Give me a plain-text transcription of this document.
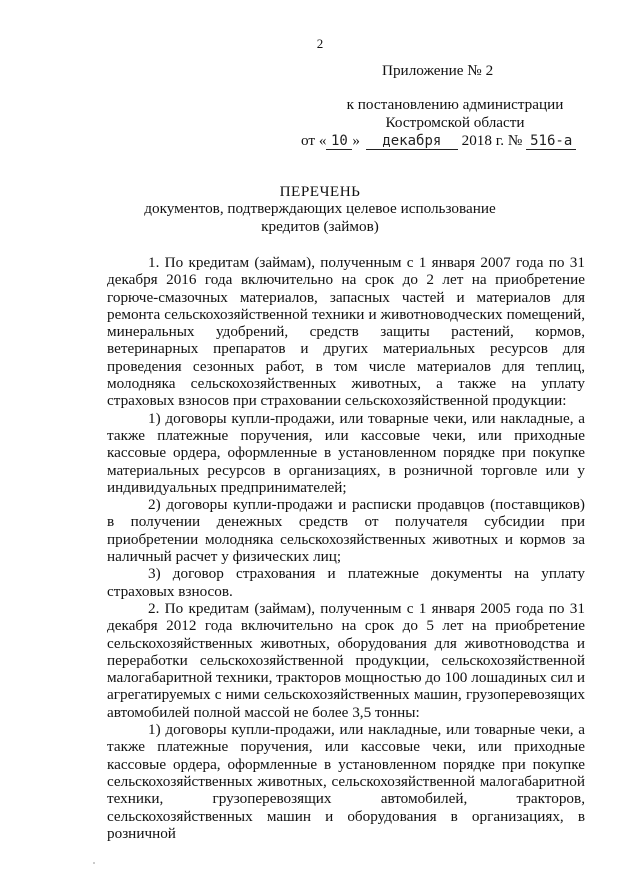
2
Приложение № 2
к постановлению администрации
Костромской области
от « 10 » декабря 2018 г. № 516-а
ПЕРЕЧЕНЬ
документов, подтверждающих целевое использование
кредитов (займов)

1. По кредитам (займам), полученным с 1 января 2007 года по 31 декабря 2016 года включительно на срок до 2 лет на приобретение горюче-смазочных материалов, запасных частей и материалов для ремонта сельскохозяйственной техники и животноводческих помещений, минеральных удобрений, средств защиты растений, кормов, ветеринарных препаратов и других материальных ресурсов для проведения сезонных работ, в том числе материалов для теплиц, молодняка сельскохозяйственных животных, а также на уплату страховых взносов при страховании сельскохозяйственной продукции:

1) договоры купли-продажи, или товарные чеки, или накладные, а также платежные поручения, или кассовые чеки, или приходные кассовые ордера, оформленные в установленном порядке при покупке материальных ресурсов в организациях, в розничной торговле или у индивидуальных предпринимателей;

2) договоры купли-продажи и расписки продавцов (поставщиков) в получении денежных средств от получателя субсидии при приобретении молодняка сельскохозяйственных животных и кормов за наличный расчет у физических лиц;

3) договор страхования и платежные документы на уплату страховых взносов.

2. По кредитам (займам), полученным с 1 января 2005 года по 31 декабря 2012 года включительно на срок до 5 лет на приобретение сельскохозяйственных животных, оборудования для животноводства и переработки сельскохозяйственной продукции, сельскохозяйственной малогабаритной техники, тракторов мощностью до 100 лошадиных сил и агрегатируемых с ними сельскохозяйственных машин, грузоперевозящих автомобилей полной массой не более 3,5 тонны:

1) договоры купли-продажи, или накладные, или товарные чеки, а также платежные поручения, или кассовые чеки, или приходные кассовые ордера, оформленные в установленном порядке при покупке сельскохозяйственных животных, сельскохозяйственной малогабаритной техники, грузоперевозящих автомобилей, тракторов, сельскохозяйственных машин и оборудования в организациях, в розничной
